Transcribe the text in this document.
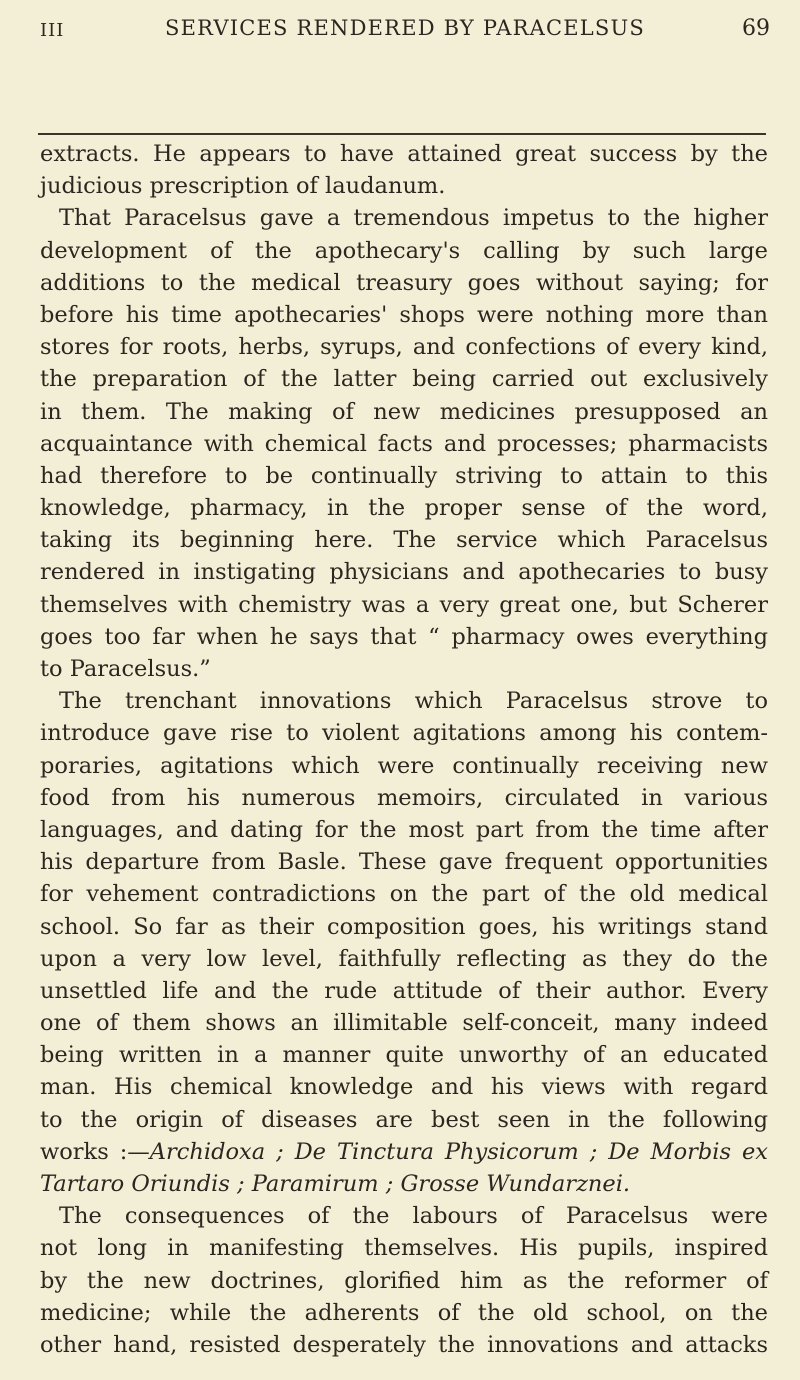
III	SERVICES RENDERED BY PARACELSUS	69
extracts. He appears to have attained great success by the
judicious prescription of laudanum.
That Paracelsus gave a tremendous impetus to the higher
development of the apothecary's calling by such large
additions to the medical treasury goes without saying; for
before his time apothecaries' shops were nothing more than
stores for roots, herbs, syrups, and confections of every kind,
the preparation of the latter being carried out exclusively
in them. The making of new medicines presupposed an
acquaintance with chemical facts and processes; pharmacists
had therefore to be continually striving to attain to this
knowledge, pharmacy, in the proper sense of the word,
taking its beginning here. The service which Paracelsus
rendered in instigating physicians and apothecaries to busy
themselves with chemistry was a very great one, but Scherer
goes too far when he says that “ pharmacy owes everything
to Paracelsus.”
The trenchant innovations which Paracelsus strove to
introduce gave rise to violent agitations among his contem-
poraries, agitations which were continually receiving new
food from his numerous memoirs, circulated in various
languages, and dating for the most part from the time after
his departure from Basle. These gave frequent opportunities
for vehement contradictions on the part of the old medical
school. So far as their composition goes, his writings stand
upon a very low level, faithfully reflecting as they do the
unsettled life and the rude attitude of their author. Every
one of them shows an illimitable self-conceit, many indeed
being written in a manner quite unworthy of an educated
man. His chemical knowledge and his views with regard
to the origin of diseases are best seen in the following
works :—Archidoxa ; De Tinctura Physicorum ; De Morbis ex
Tartaro Oriundis ; Paramirum ; Grosse Wundarznei.
The consequences of the labours of Paracelsus were
not long in manifesting themselves. His pupils, inspired
by the new doctrines, glorified him as the reformer of
medicine; while the adherents of the old school, on the
other hand, resisted desperately the innovations and attacks
